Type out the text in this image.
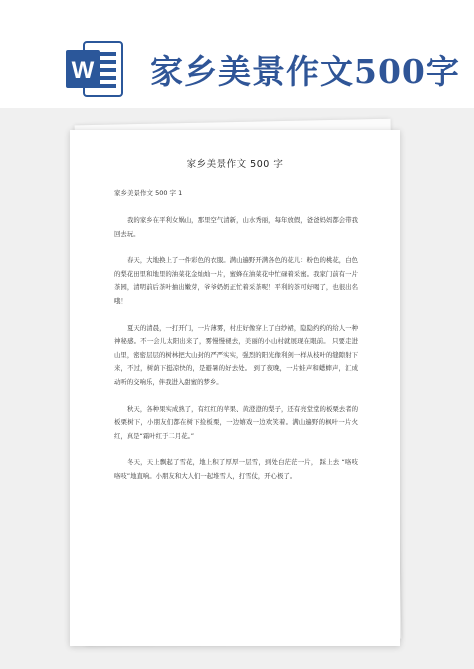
W 家乡美景作文500字
家乡美景作文 500 字
家乡美景作文 500 字 1

我的家乡在平利女娲山，那里空气清新，山水秀丽，每年放假，爸爸妈妈都会带我回去玩。

春天，大地换上了一件彩色的衣服。满山遍野开满各色的花儿：粉色的桃花，白色的梨花田里和地里的油菜花金灿灿一片，蜜蜂在油菜花中忙碌着采蜜。我家门前有一片茶园，清明前后茶叶抽出嫩芽，爷爷奶奶正忙着采茶呢！平利的茶可好喝了，也很出名哦！

夏天的清晨，一打开门，一片薄雾，村庄好像穿上了白纱裙，隐隐约约的给人一种神秘感。不一会儿太阳出来了，雾慢慢褪去，美丽的小山村就展现在眼前。 只要走进山里，密密层层的树林把大山封的严严实实，强烈的阳光像利剑一样从枝叶的缝隙射下来，不过，树荫下挺凉快的，是避暑的好去处。 到了夜晚，一片蛙声和蟋蟀声，汇成动听的交响乐，伴我进入甜蜜的梦乡。

秋天，各种果实成熟了，有红红的苹果、黄澄澄的梨子，还有亮堂堂的板栗去者的板栗树下，小朋友们都在树下捡板栗，一边嬉戏一边欢笑着。满山遍野的枫叶一片火红，真是“霜叶红于二月花。”

冬天，天上飘起了雪花，地上积了厚厚一层雪，到处白茫茫一片， 踩上去 “咯吱咯吱”地直响。小朋友和大人们一起堆雪人，打雪仗，开心极了。
